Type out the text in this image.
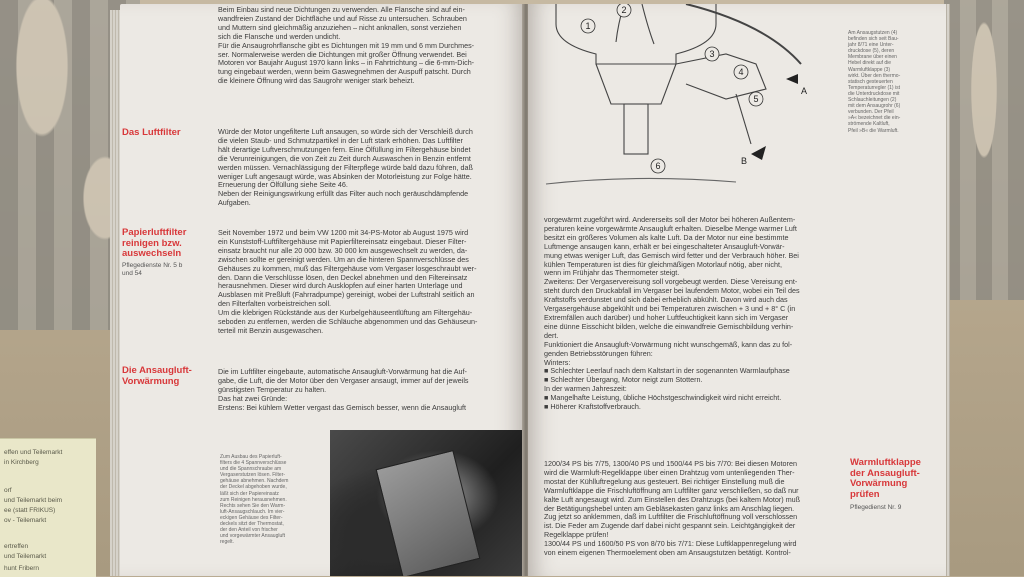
effen und Teilemarkt
in Kirchberg
orf
und Teilemarkt beim
ee (statt FRIKUS)
ov - Teilemarkt
ertreffen
und Teilemarkt
hunt Fribern
Beim Einbau sind neue Dichtungen zu verwenden. Alle Flansche sind auf ein-
wandfreien Zustand der Dichtfläche und auf Risse zu untersuchen. Schrauben
und Muttern sind gleichmäßig anzuziehen – nicht anknallen, sonst verziehen
sich die Flansche und werden undicht.
Für die Ansaugrohrflansche gibt es Dichtungen mit 19 mm und 6 mm Durchmes-
ser. Normalerweise werden die Dichtungen mit großer Öffnung verwendet. Bei
Motoren vor Baujahr August 1970 kann links – in Fahrtrichtung – die 6-mm-Dich-
tung eingebaut werden, wenn beim Gaswegnehmen der Auspuff patscht. Durch
die kleinere Öffnung wird das Saugrohr weniger stark beheizt.
Das Luftfilter	Würde der Motor ungefilterte Luft ansaugen, so würde sich der Verschleiß durch
die vielen Staub- und Schmutzpartikel in der Luft stark erhöhen. Das Luftfilter
hält derartige Luftverschmutzungen fern. Eine Ölfüllung im Filtergehäuse bindet
die Verunreinigungen, die von Zeit zu Zeit durch Auswaschen in Benzin entfernt
werden müssen. Vernachlässigung der Filterpflege würde bald dazu führen, daß
weniger Luft angesaugt würde, was Absinken der Motorleistung zur Folge hätte.
Erneuerung der Ölfüllung siehe Seite 46.
Neben der Reinigungswirkung erfüllt das Filter auch noch geräuschdämpfende
Aufgaben.
Papierluftfilter
reinigen bzw.
auswechseln
Pflegedienste Nr. 5 b
und 54
Seit November 1972 und beim VW 1200 mit 34-PS-Motor ab August 1975 wird
ein Kunststoff-Luftfiltergehäuse mit Papierfiltereinsatz eingebaut. Dieser Filter-
einsatz braucht nur alle 20 000 bzw. 30 000 km ausgewechselt zu werden, da-
zwischen sollte er gereinigt werden. Um an die hinteren Spannverschlüsse des
Gehäuses zu kommen, muß das Filtergehäuse vom Vergaser losgeschraubt wer-
den. Dann die Verschlüsse lösen, den Deckel abnehmen und den Filtereinsatz
herausnehmen. Dieser wird durch Ausklopfen auf einer harten Unterlage und
Ausblasen mit Preßluft (Fahrradpumpe) gereinigt, wobei der Luftstrahl seitlich an
den Filterfalten vorbeistreichen soll.
Um die klebrigen Rückstände aus der Kurbelgehäuseentlüftung am Filtergehäu-
seboden zu entfernen, werden die Schläuche abgenommen und das Gehäuseun-
terteil mit Benzin ausgewaschen.
Die Ansaugluft-
Vorwärmung
Die im Luftfilter eingebaute, automatische Ansaugluft-Vorwärmung hat die Auf-
gabe, die Luft, die der Motor über den Vergaser ansaugt, immer auf der jeweils
günstigsten Temperatur zu halten.
Das hat zwei Gründe:
Erstens: Bei kühlem Wetter vergast das Gemisch besser, wenn die Ansaugluft
Zum Ausbau des Papierluft-
filters die 4 Spannverschlüsse
und die Spannschraube am
Vergaserstutzen lösen. Filter-
gehäuse abnehmen. Nachdem
der Deckel abgehoben wurde,
läßt sich der Papiereinsatz
zum Reinigen herausnehmen.
Rechts sehen Sie den Warm-
luft-Ansaugschlauch. Im vier-
eckigen Gehäuse des Filter-
deckels sitzt der Thermostat,
der den Anteil von frischer
und vorgewärmter Ansaugluft
regelt.
1
2
3
4
5
6
A
B
Am Ansaugstutzen (4)
befinden sich seit Bau-
jahr 8/71 eine Unter-
druckdose (5), deren
Membrane über einen
Hebel direkt auf die
Warmluftklappe (3)
wirkt. Über den thermo-
statisch gesteuerten
Temperaturregler (1) ist
die Unterdruckdose mit
Schlauchleitungen (2)
mit dem Ansaugrohr (6)
verbunden. Der Pfeil
»A« bezeichnet die ein-
strömende Kaltluft,
Pfeil »B« die Warmluft.
vorgewärmt zugeführt wird. Andererseits soll der Motor bei höheren Außentem-
peraturen keine vorgewärmte Ansaugluft erhalten. Dieselbe Menge warmer Luft
besitzt ein größeres Volumen als kalte Luft. Da der Motor nur eine bestimmte
Luftmenge ansaugen kann, erhält er bei eingeschalteter Ansaugluft-Vorwär-
mung etwas weniger Luft, das Gemisch wird fetter und der Verbrauch höher. Bei
kühlen Temperaturen ist dies für gleichmäßigen Motorlauf nötig, aber nicht,
wenn im Frühjahr das Thermometer steigt.
Zweitens: Der Vergaservereisung soll vorgebeugt werden. Diese Vereisung ent-
steht durch den Druckabfall im Vergaser bei laufendem Motor, wobei ein Teil des
Kraftstoffs verdunstet und sich dabei erheblich abkühlt. Davon wird auch das
Vergasergehäuse abgekühlt und bei Temperaturen zwischen + 3 und + 8° C (in
Extremfällen auch darüber) und hoher Luftfeuchtigkeit kann sich im Vergaser
eine dünne Eisschicht bilden, welche die einwandfreie Gemischbildung verhin-
dert.
Funktioniert die Ansaugluft-Vorwärmung nicht wunschgemäß, kann das zu fol-
genden Betriebsstörungen führen:
Winters:
■ Schlechter Leerlauf nach dem Kaltstart in der sogenannten Warmlaufphase
■ Schlechter Übergang, Motor neigt zum Stottern.
In der warmen Jahreszeit:
■ Mangelhafte Leistung, übliche Höchstgeschwindigkeit wird nicht erreicht.
■ Höherer Kraftstoffverbrauch.
1200/34 PS bis 7/75, 1300/40 PS und 1500/44 PS bis 7/70: Bei diesen Motoren
wird die Warmluft-Regelklappe über einen Drahtzug vom untenliegenden Ther-
mostat der Kühlluftregelung aus gesteuert. Bei richtiger Einstellung muß die
Warmluftklappe die Frischluftöffnung am Luftfilter ganz verschließen, so daß nur
kalte Luft angesaugt wird. Zum Einstellen des Drahtzugs (bei kaltem Motor) muß
der Betätigungshebel unten am Gebläsekasten ganz links am Anschlag liegen.
Zug jetzt so anklemmen, daß im Luftfilter die Frischluftöffnung voll verschlossen
ist. Die Feder am Zugende darf dabei nicht gespannt sein. Leichtgängigkeit der
Regelklappe prüfen!
1300/44 PS und 1600/50 PS von 8/70 bis 7/71: Diese Luftklappenregelung wird
von einem eigenen Thermoelement oben am Ansaugstutzen betätigt. Kontrol-
Warmluftklappe
der Ansaugluft-
Vorwärmung
prüfen
Pflegedienst Nr. 9
